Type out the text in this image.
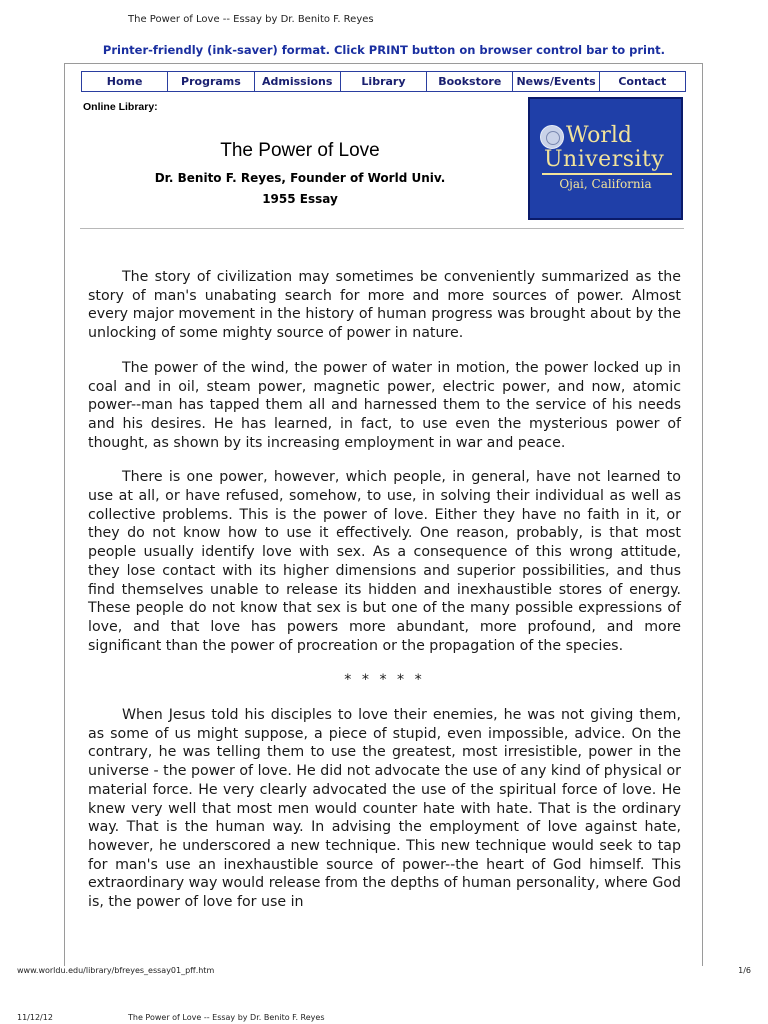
The Power of Love -- Essay by Dr. Benito F. Reyes
Printer-friendly (ink-saver) format. Click PRINT button on browser control bar to print.
Home	Programs	Admissions	Library	Bookstore	News/Events	Contact
Online Library:
The Power of Love
Dr. Benito F. Reyes, Founder of World Univ.
1955 Essay
World
University
Ojai, California

The story of civilization may sometimes be conveniently summarized as the story of man's unabating search for more and more sources of power. Almost every major movement in the history of human progress was brought about by the unlocking of some mighty source of power in nature.

The power of the wind, the power of water in motion, the power locked up in coal and in oil, steam power, magnetic power, electric power, and now, atomic power--man has tapped them all and harnessed them to the service of his needs and his desires. He has learned, in fact, to use even the mysterious power of thought, as shown by its increasing employment in war and peace.

There is one power, however, which people, in general, have not learned to use at all, or have refused, somehow, to use, in solving their individual as well as collective problems. This is the power of love. Either they have no faith in it, or they do not know how to use it effectively. One reason, probably, is that most people usually identify love with sex. As a consequence of this wrong attitude, they lose contact with its higher dimensions and superior possibilities, and thus find themselves unable to release its hidden and inexhaustible stores of energy. These people do not know that sex is but one of the many possible expressions of love, and that love has powers more abundant, more profound, and more significant than the power of procreation or the propagation of the species.

* * * * *

When Jesus told his disciples to love their enemies, he was not giving them, as some of us might suppose, a piece of stupid, even impossible, advice. On the contrary, he was telling them to use the greatest, most irresistible, power in the universe - the power of love. He did not advocate the use of any kind of physical or material force. He very clearly advocated the use of the spiritual force of love. He knew very well that most men would counter hate with hate. That is the ordinary way. That is the human way. In advising the employment of love against hate, however, he underscored a new technique. This new technique would seek to tap for man's use an inexhaustible source of power--the heart of God himself. This extraordinary way would release from the depths of human personality, where God is, the power of love for use in

www.worldu.edu/library/bfreyes_essay01_pff.htm	1/6
11/12/12	The Power of Love -- Essay by Dr. Benito F. Reyes
